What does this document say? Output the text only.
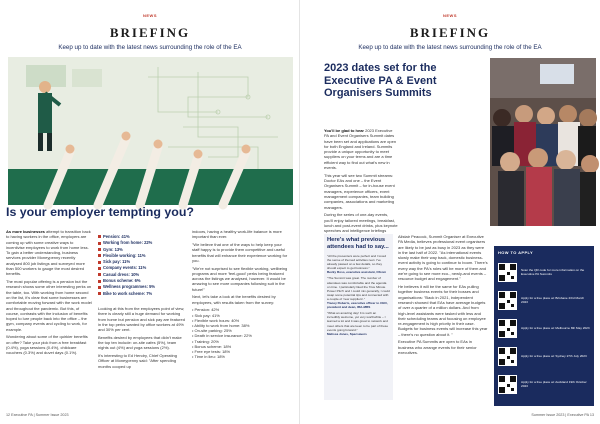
NEWS
BRIEFING
Keep up to date with the latest news surrounding the role of the EA
Is your employer tempting you?

As more businesses attempt to transition back to having workers in the office, employers are coming up with some creative ways to incentivise employees to work from home less. To gain a better understanding, business services provider Moneypenny recently analysed 800 job listings and surveyed more than 500 workers to gauge the most desired benefits.

The most popular offering is a pension but the research shows some other interesting perks on the table, too. With working from home second on the list, it's clear that some businesses are comfortable moving forward with the work model and throughout the pandemic. But this, of course, contrasts with the inclusion of benefits hoped to lure people back into the office – the gym, company events and cycling to work, for example.

Wondering about some of the quirkier benefits on offer? Take your pick from a free breakfast (0.4%), yoga sessions (0.4%), childcare vouchers (0.3%) and duvet days (0.1%).

Pension: 41%
Working from home: 22%
Gym: 13%
Flexible working: 11%
Sick pay: 11%
Company events: 11%
Casual dress: 10%
Bonus scheme: 6%
Wellness programmes: 5%
Bike to work scheme: 7%

Looking at this from the employees point of view, there is clearly still a huge demand for working from home but pension and sick pay are featured in the top perks wanted by office workers at 49% and 30% per cent.

Benefits desired by employees that didn't make the top ten include: on-site cafes (5%), team nights out (4%) and yoga sessions (2%).

It's interesting to Ed Hendry, Chief Operating Officer at Moneypenny said: "After spending months cooped up

indoors, having a healthy work-life balance is more important than ever.

"We believe that one of the ways to help keep your staff happy is to provide them competitive and useful benefits that will enhance their experience working for you.

"We're not surprised to see flexible working, wellbeing programs and more 'feel-good' perks being featured across the listings we analysed, however. It would be amazing to see more companies following suit in the future!"

Next, let's take a look at the benefits desired by employees, with results taken from the survey:

• Pension: 42%
• Sick pay: 41%
• Flexible work hours: 40%
• Ability to work from home: 38%
• On-site parking: 25%
• Death in service insurance: 22%
• Training: 20%
• Bonus scheme: 18%
• Free eye tests: 18%
• Time in lieu: 18%
12 Executive PA | Summer Issue 2023
NEWS
BRIEFING
Keep up to date with the latest news surrounding the role of the EA
2023 dates set for the Executive PA & Event Organisers Summits

You'll be glad to hear 2023 Executive PA and Event Organisers Summit dates have been set and applications are open for both England and Ireland. Summits provide a unique opportunity to meet suppliers on your terms and are a time efficient way to find out what's new in events.

This year will see two Summit streams: Doctor EAs and one – the Event Organisers Summit – for in-house event managers, experience officers, event management companies, team building companies, associations and marketing managers.

During the series of one-day events, you'll enjoy tailored meetings, breakfast, lunch and post-event drinks, plus keynote speeches and intelligence briefings

Here's what previous attendees had to say...

"All the presenters were perfect and I loved the sense of themed activities next. I've already passed on a few details, so they should expect to get business."
Becky Ross, executive assistant, Ofcom

"The Summit was great. The number of attendees was comfortable and the agenda on time. I particularly liked the 'Five Minute Power Pitch' and I could mix generally, I could swap some potential tips and connected with a couple of 'new suppliers'."
Tracey Roberts, executive officer to CEO, president and dean, IBA-MBS

"What an amazing day! It is such an incredibly welcome, yet very worthwhile – I learned a lot and it was great to network and meet others that are keen to be part of these events going forward."
Melissa Jones, Specsavers

Alistair Peacock, Summit Organiser at Executive PA Media, believes professional event organisers are likely to be just as busy in 2023 as they were in the last half of 2022. "As international events slowly make their way back, domestic business-event activity is going to continue to boom. There's every way the PA's roles will be more of them and we're going to see more eco-, newly-and events – resource budget and engagement."

He believes it will be the same for EAs pulling together business events for their bosses and organisations: "Back in 2021, independent research showed that EAs have average budgets of over a quarter of a million dollars. And from high-level assistants were tasked with less and their scheduling teams and focusing on employee re-engagement is high priority in their case. Budgets for business events will increase this year – there's no question about it. "

Executive PA Summits are open to EAs in business who arrange events for their senior executives.

HOW TO APPLY
Scan the QR code for more information on the Executive PA Summits
Apply for a free place at: Brisbane 23rd March 2023
Apply for a free place at: Melbourne 8th May 2023
Apply for a free place at: Sydney 27th July 2023
Apply for a free place at: Auckland 19th October 2023
Summer Issue 2023 | Executive PA 13
